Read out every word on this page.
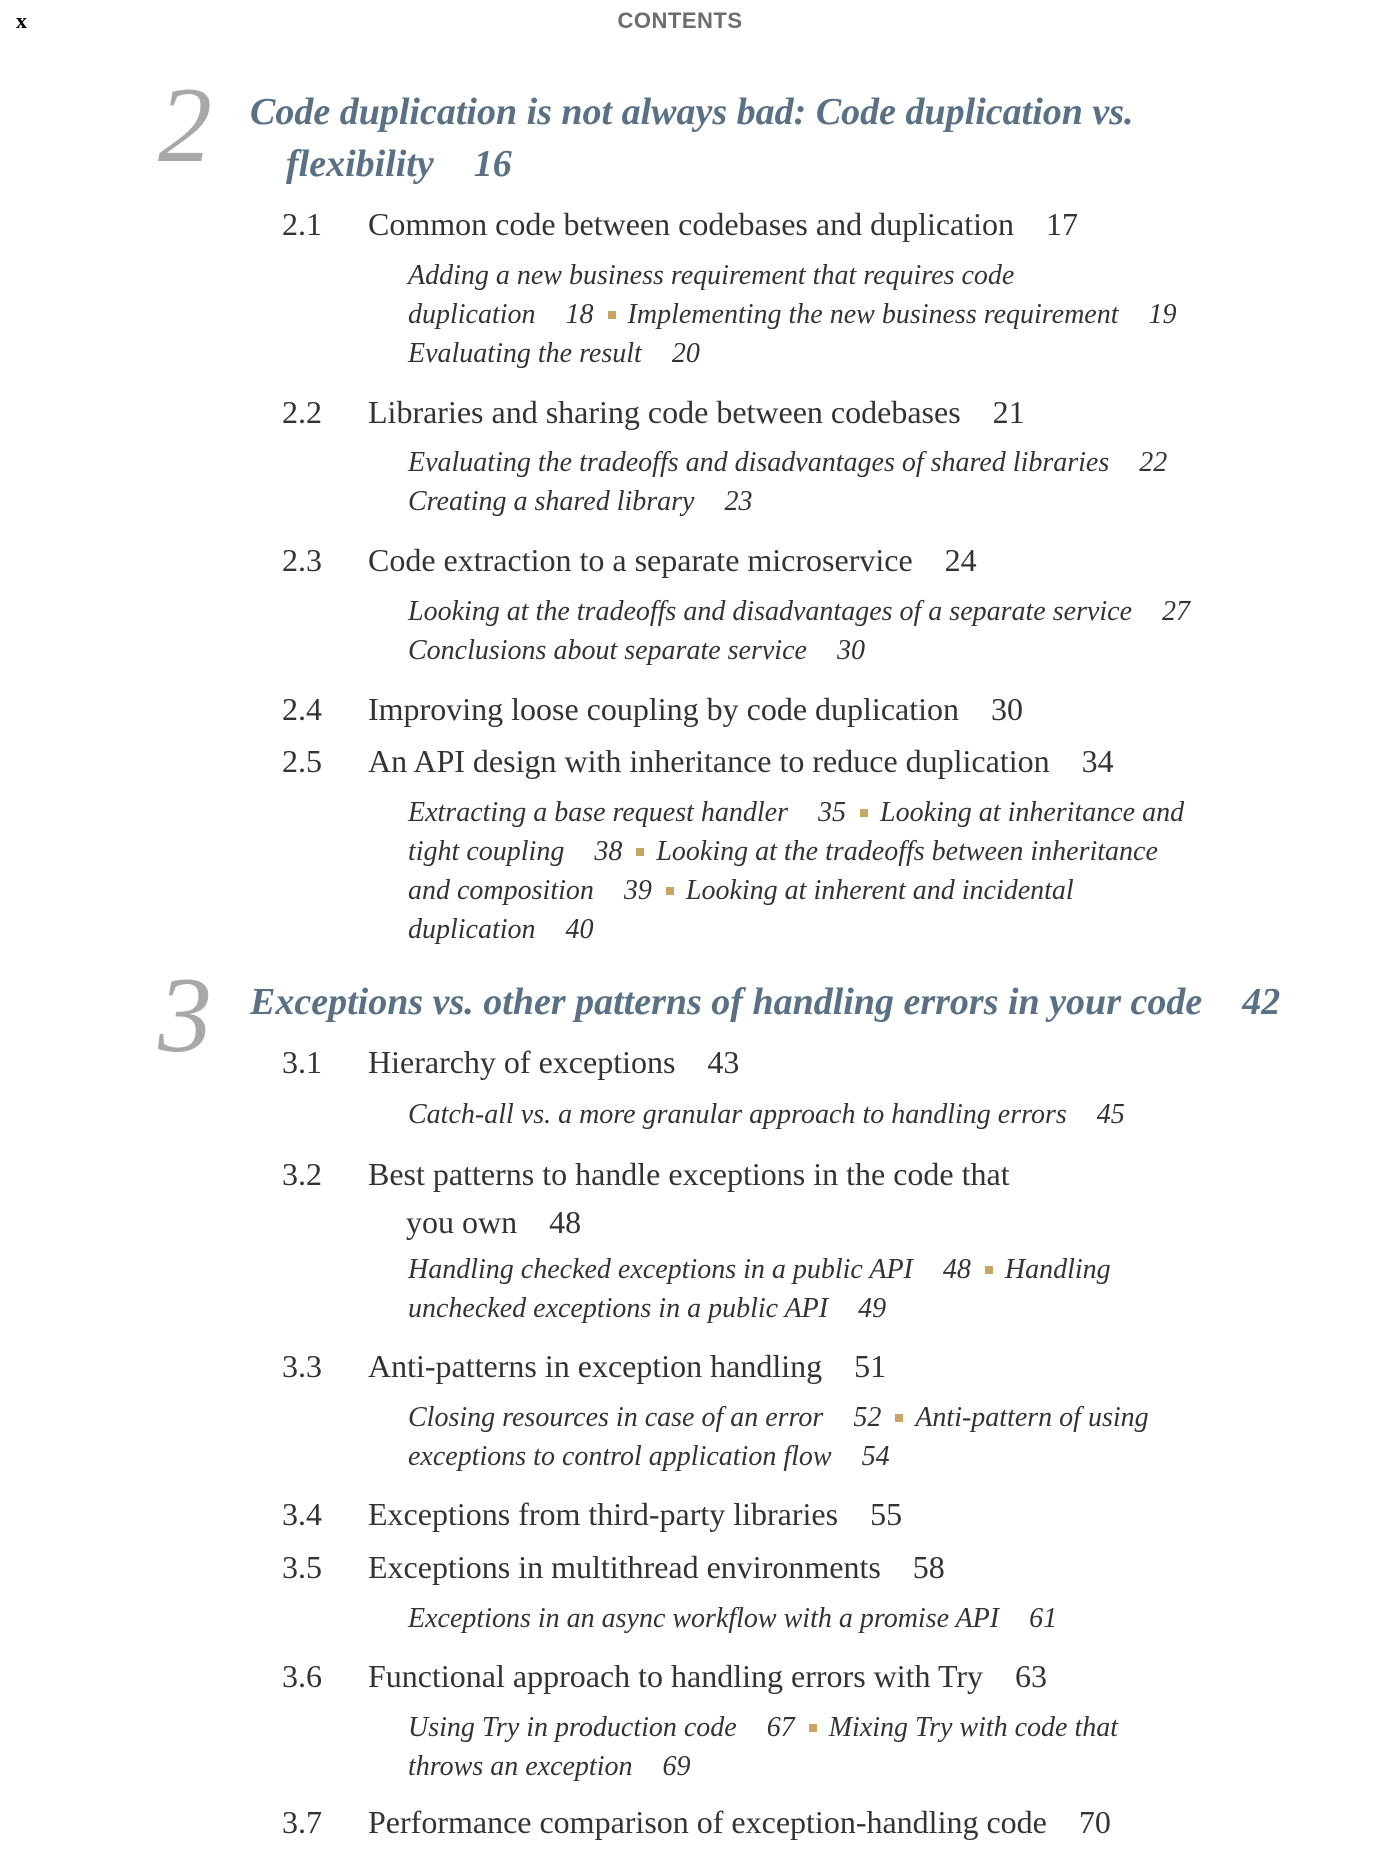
x	CONTENTS
2 Code duplication is not always bad: Code duplication vs.
flexibility 16
2.1 Common code between codebases and duplication 17
Adding a new business requirement that requires code
duplication 18 Implementing the new business requirement 19
Evaluating the result 20
2.2 Libraries and sharing code between codebases 21
Evaluating the tradeoffs and disadvantages of shared libraries 22
Creating a shared library 23
2.3 Code extraction to a separate microservice 24
Looking at the tradeoffs and disadvantages of a separate service 27
Conclusions about separate service 30
2.4 Improving loose coupling by code duplication 30
2.5 An API design with inheritance to reduce duplication 34
Extracting a base request handler 35 Looking at inheritance and
tight coupling 38 Looking at the tradeoffs between inheritance
and composition 39 Looking at inherent and incidental
duplication 40
3 Exceptions vs. other patterns of handling errors in your code 42
3.1 Hierarchy of exceptions 43
Catch-all vs. a more granular approach to handling errors 45
3.2 Best patterns to handle exceptions in the code that
you own 48
Handling checked exceptions in a public API 48 Handling
unchecked exceptions in a public API 49
3.3 Anti-patterns in exception handling 51
Closing resources in case of an error 52 Anti-pattern of using
exceptions to control application flow 54
3.4 Exceptions from third-party libraries 55
3.5 Exceptions in multithread environments 58
Exceptions in an async workflow with a promise API 61
3.6 Functional approach to handling errors with Try 63
Using Try in production code 67 Mixing Try with code that
throws an exception 69
3.7 Performance comparison of exception-handling code 70
